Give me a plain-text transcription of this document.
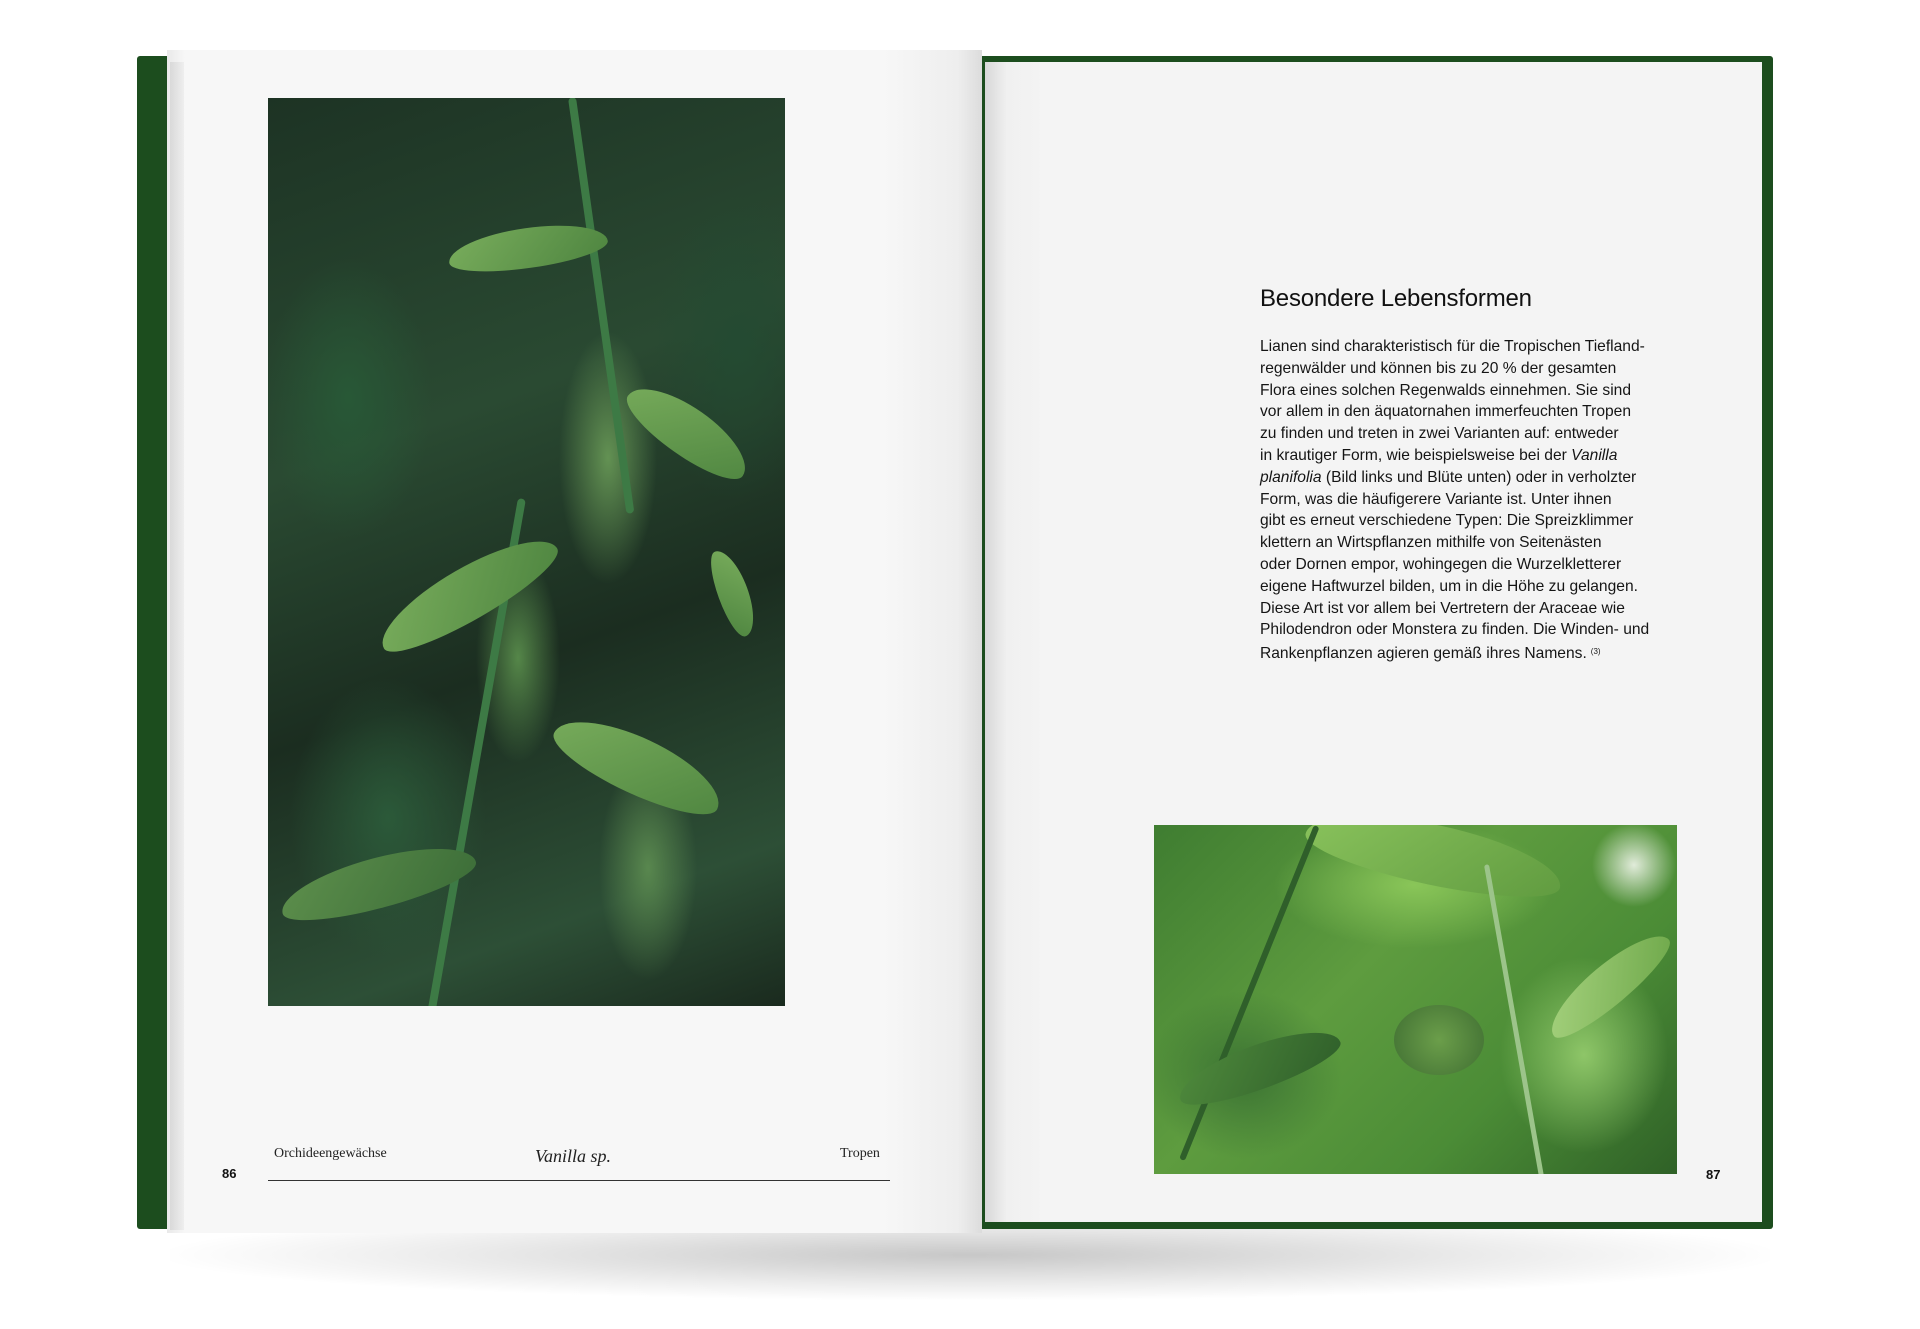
86
Orchideengewächse	Vanilla sp.	Tropen
Besondere Lebensformen
Lianen sind charakteristisch für die Tropischen Tiefland-
regenwälder und können bis zu 20 % der gesamten
Flora eines solchen Regenwalds einnehmen. Sie sind
vor allem in den äquatornahen immerfeuchten Tropen
zu finden und treten in zwei Varianten auf: entweder
in krautiger Form, wie beispielsweise bei der Vanilla
planifolia (Bild links und Blüte unten) oder in verholzter
Form, was die häufigerere Variante ist. Unter ihnen
gibt es erneut verschiedene Typen: Die Spreizklimmer
klettern an Wirtspflanzen mithilfe von Seitenästen
oder Dornen empor, wohingegen die Wurzelkletterer
eigene Haftwurzel bilden, um in die Höhe zu gelangen.
Diese Art ist vor allem bei Vertretern der Araceae wie
Philodendron oder Monstera zu finden. Die Winden- und
Rankenpflanzen agieren gemäß ihres Namens. $^{(3)}$
87
